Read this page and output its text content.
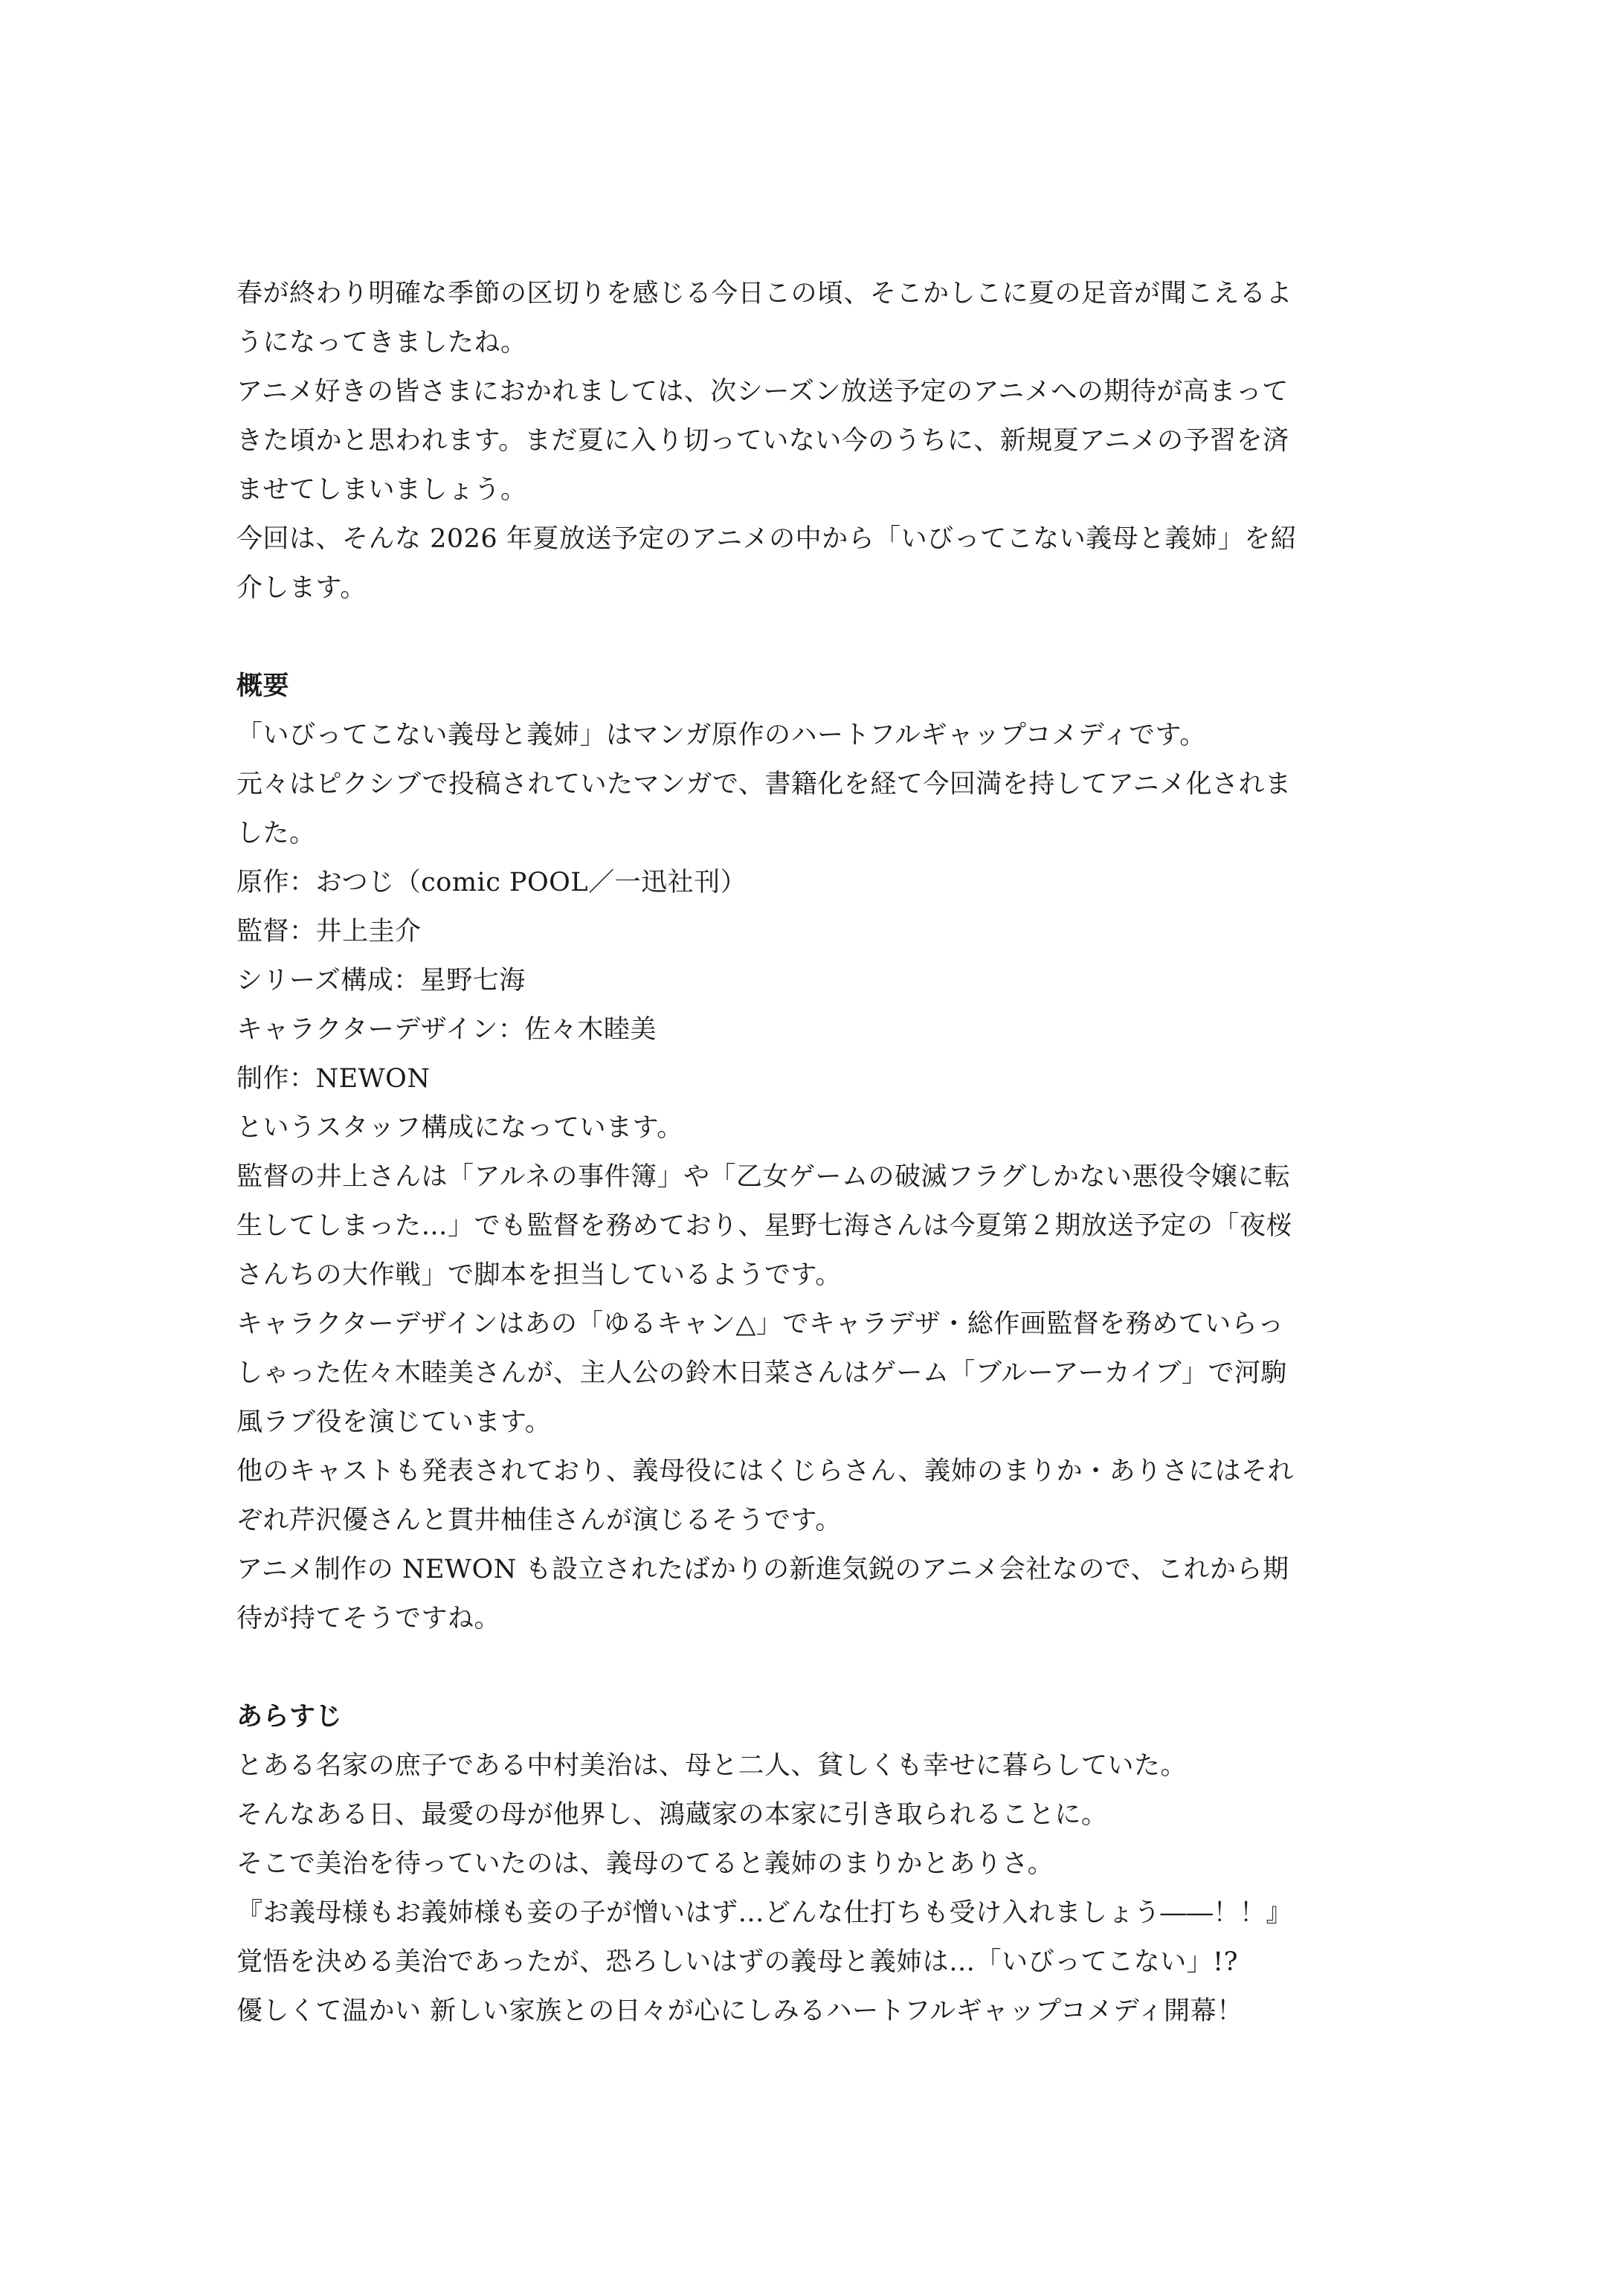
春が終わり明確な季節の区切りを感じる今日この頃、そこかしこに夏の足音が聞こえるよ
うになってきましたね。
アニメ好きの皆さまにおかれましては、次シーズン放送予定のアニメへの期待が高まって
きた頃かと思われます。まだ夏に入り切っていない今のうちに、新規夏アニメの予習を済
ませてしまいましょう。
今回は、そんな 2026 年夏放送予定のアニメの中から「いびってこない義母と義姉」を紹
介します。
概要
「いびってこない義母と義姉」はマンガ原作のハートフルギャップコメディです。
元々はピクシブで投稿されていたマンガで、書籍化を経て今回満を持してアニメ化されま
した。
原作：おつじ（comic POOL／一迅社刊）
監督：井上圭介
シリーズ構成：星野七海
キャラクターデザイン：佐々木睦美
制作：NEWON
というスタッフ構成になっています。
監督の井上さんは「アルネの事件簿」や「乙女ゲームの破滅フラグしかない悪役令嬢に転
生してしまった…」でも監督を務めており、星野七海さんは今夏第２期放送予定の「夜桜
さんちの大作戦」で脚本を担当しているようです。
キャラクターデザインはあの「ゆるキャン△」でキャラデザ・総作画監督を務めていらっ
しゃった佐々木睦美さんが、主人公の鈴木日菜さんはゲーム「ブルーアーカイブ」で河駒
風ラブ役を演じています。
他のキャストも発表されており、義母役にはくじらさん、義姉のまりか・ありさにはそれ
ぞれ芹沢優さんと貫井柚佳さんが演じるそうです。
アニメ制作の NEWON も設立されたばかりの新進気鋭のアニメ会社なので、これから期
待が持てそうですね。
あらすじ
とある名家の庶子である中村美治は、母と二人、貧しくも幸せに暮らしていた。
そんなある日、最愛の母が他界し、鴻蔵家の本家に引き取られることに。
そこで美治を待っていたのは、義母のてると義姉のまりかとありさ。
『お義母様もお義姉様も妾の子が憎いはず…どんな仕打ちも受け入れましょう――！！』
覚悟を決める美治であったが、恐ろしいはずの義母と義姉は…「いびってこない」!?
優しくて温かい 新しい家族との日々が心にしみるハートフルギャップコメディ開幕！
